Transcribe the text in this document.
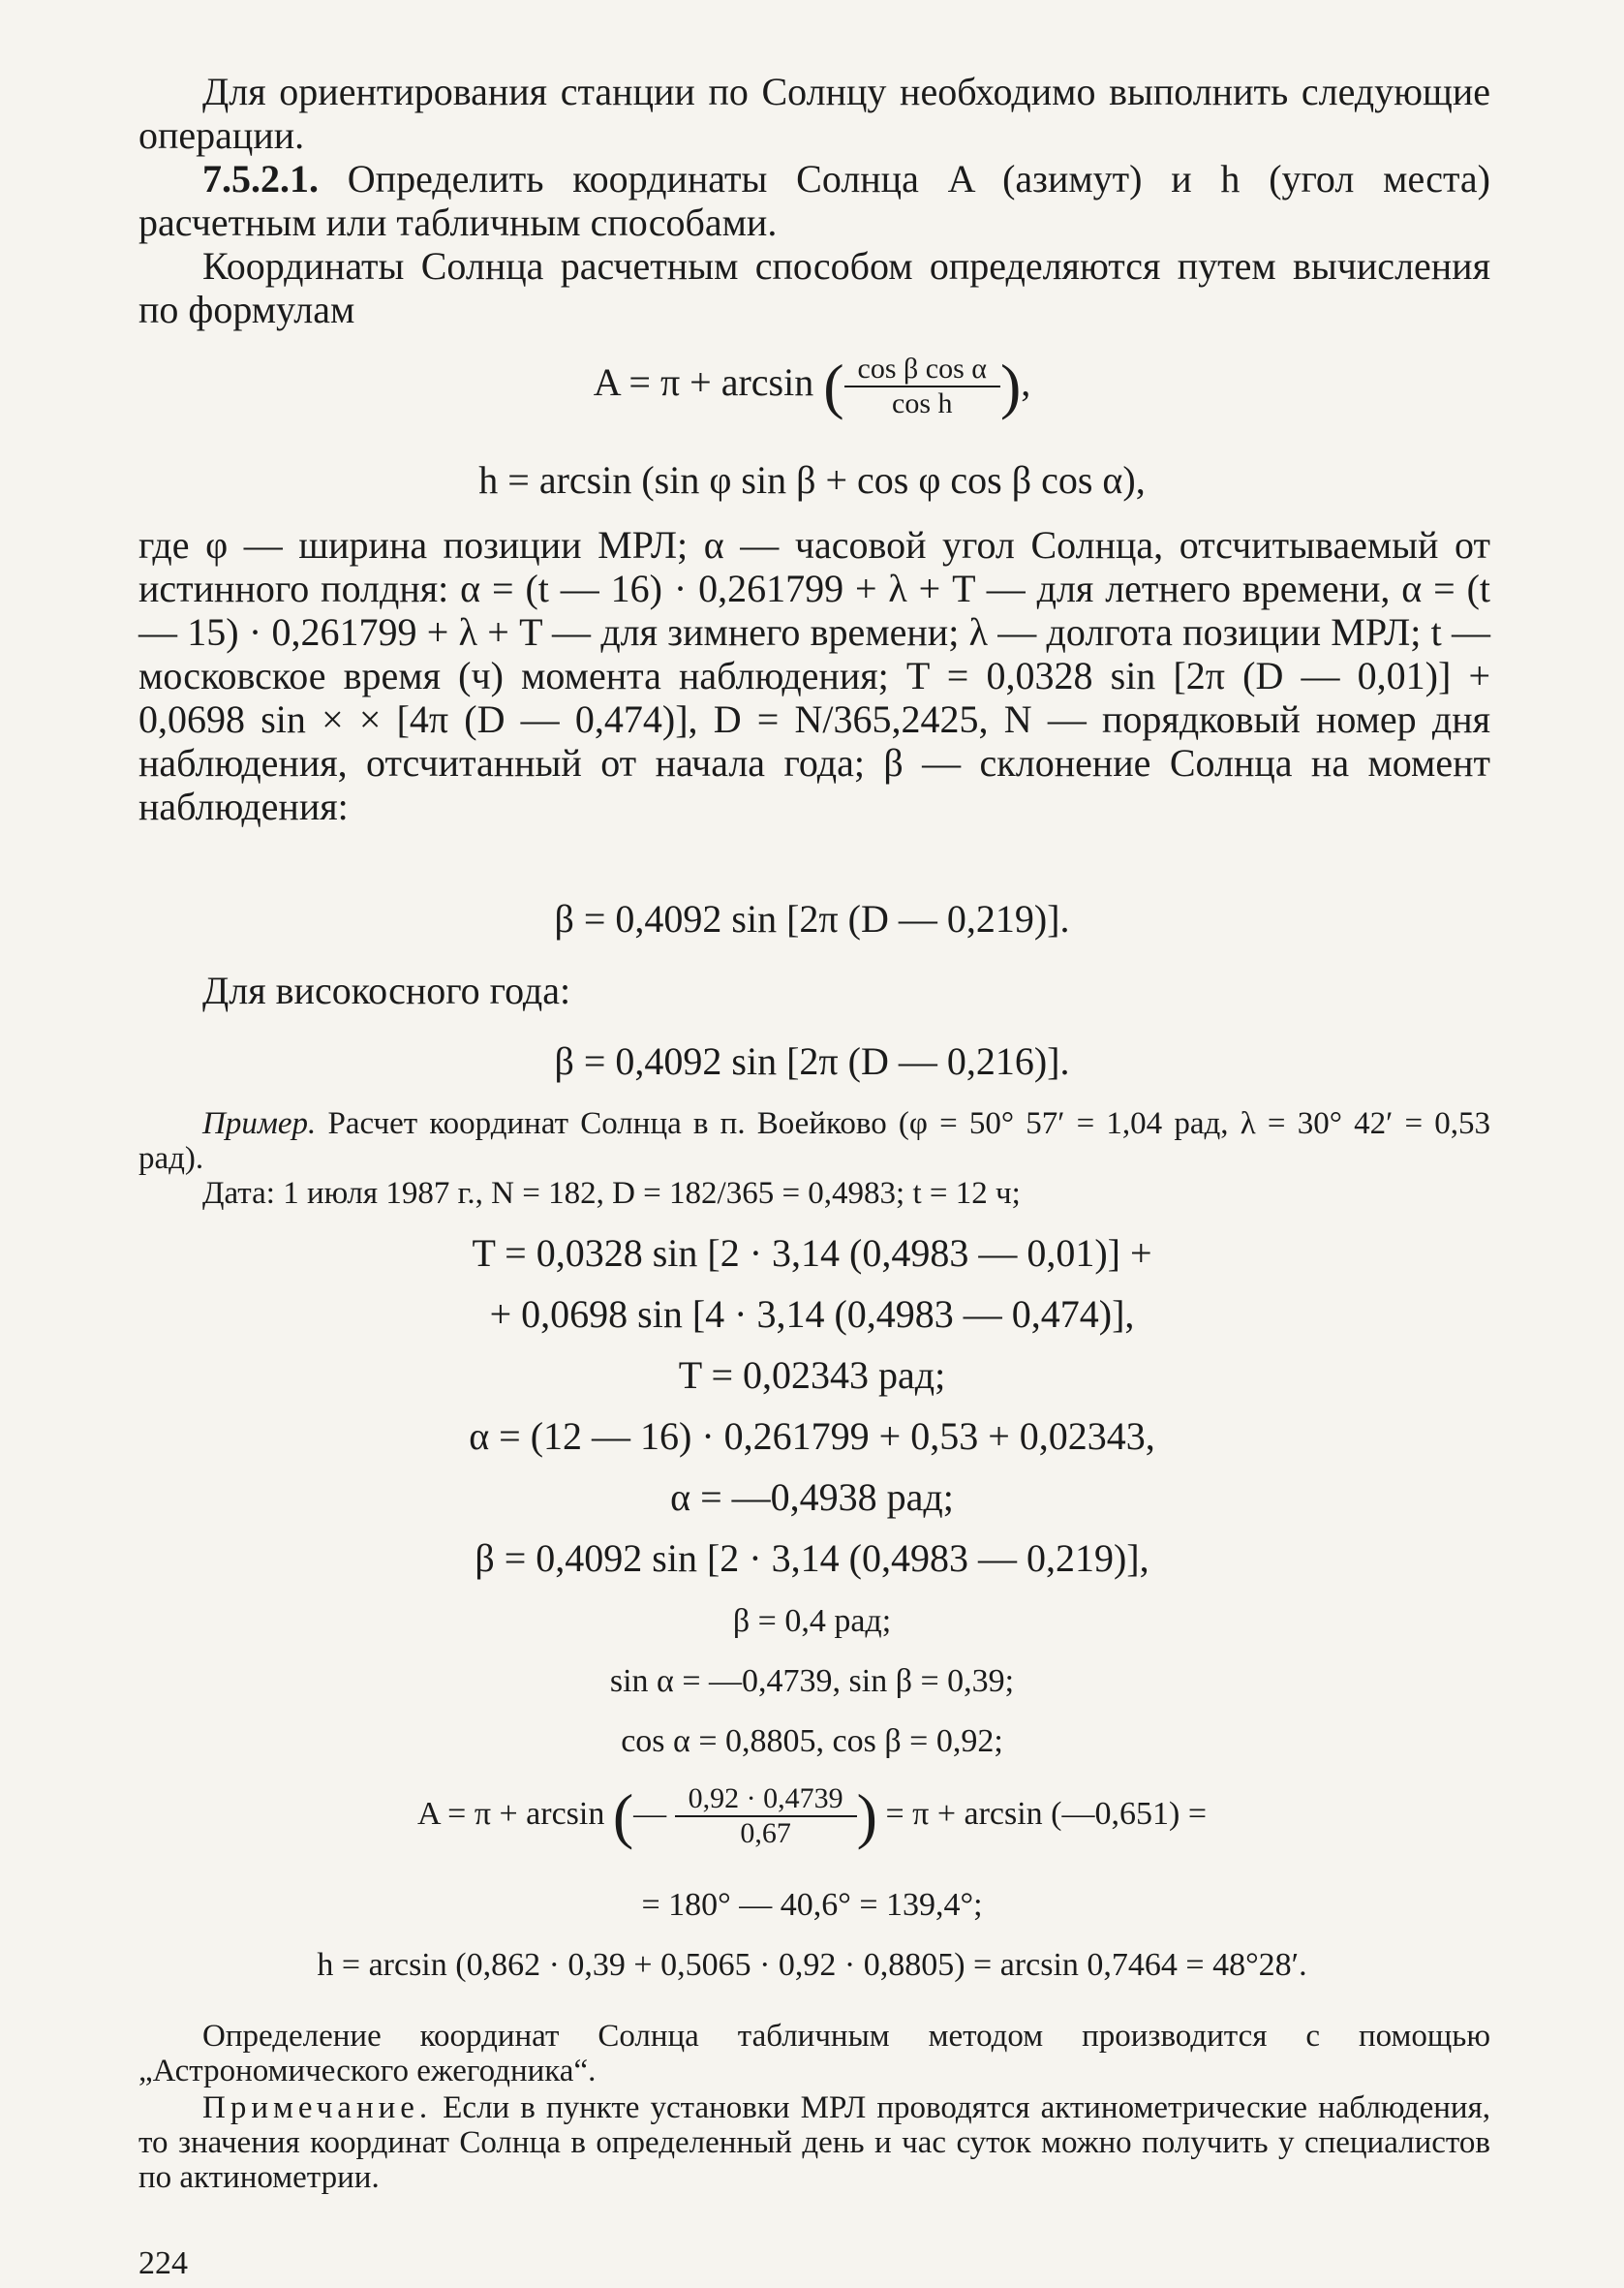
Для ориентирования станции по Солнцу необходимо выполнить следующие операции.

7.5.2.1. Определить координаты Солнца A (азимут) и h (угол места) расчетным или табличным способами.

Координаты Солнца расчетным способом определяются путем вычисления по формулам

A = π + arcsin ( $\frac{\text{cos β cos α}}{\text{cos h}}$ ),
h = arcsin (sin φ sin β + cos φ cos β cos α),

где φ — ширина позиции МРЛ; α — часовой угол Солнца, отсчитываемый от истинного полдня: α = (t — 16) · 0,261799 + λ + T — для летнего времени, α = (t — 15) · 0,261799 + λ + T — для зимнего времени; λ — долгота позиции МРЛ; t — московское время (ч) момента наблюдения; T = 0,0328 sin [2π (D — 0,01)] + 0,0698 sin × × [4π (D — 0,474)], D = N/365,2425, N — порядковый номер дня наблюдения, отсчитанный от начала года; β — склонение Солнца на момент наблюдения:

β = 0,4092 sin [2π (D — 0,219)].

Для високосного года:

β = 0,4092 sin [2π (D — 0,216)].

Пример. Расчет координат Солнца в п. Воейково (φ = 50° 57′ = 1,04 рад, λ = 30° 42′ = 0,53 рад).

Дата: 1 июля 1987 г., N = 182, D = 182/365 = 0,4983; t = 12 ч;

T = 0,0328 sin [2 · 3,14 (0,4983 — 0,01)] +
+ 0,0698 sin [4 · 3,14 (0,4983 — 0,474)],
T = 0,02343 рад;
α = (12 — 16) · 0,261799 + 0,53 + 0,02343,
α = —0,4938 рад;
β = 0,4092 sin [2 · 3,14 (0,4983 — 0,219)],
β = 0,4 рад;
sin α = —0,4739, sin β = 0,39;
cos α = 0,8805, cos β = 0,92;
A = π + arcsin (— $\frac{0,92 \cdot 0,4739}{0,67}$ ) = π + arcsin (—0,651) =
= 180° — 40,6° = 139,4°;
h = arcsin (0,862 · 0,39 + 0,5065 · 0,92 · 0,8805) = arcsin 0,7464 = 48°28′.

Определение координат Солнца табличным методом производится с помощью „Астрономического ежегодника“.

Примечание. Если в пункте установки МРЛ проводятся актинометрические наблюдения, то значения координат Солнца в определенный день и час суток можно получить у специалистов по актинометрии.

224
